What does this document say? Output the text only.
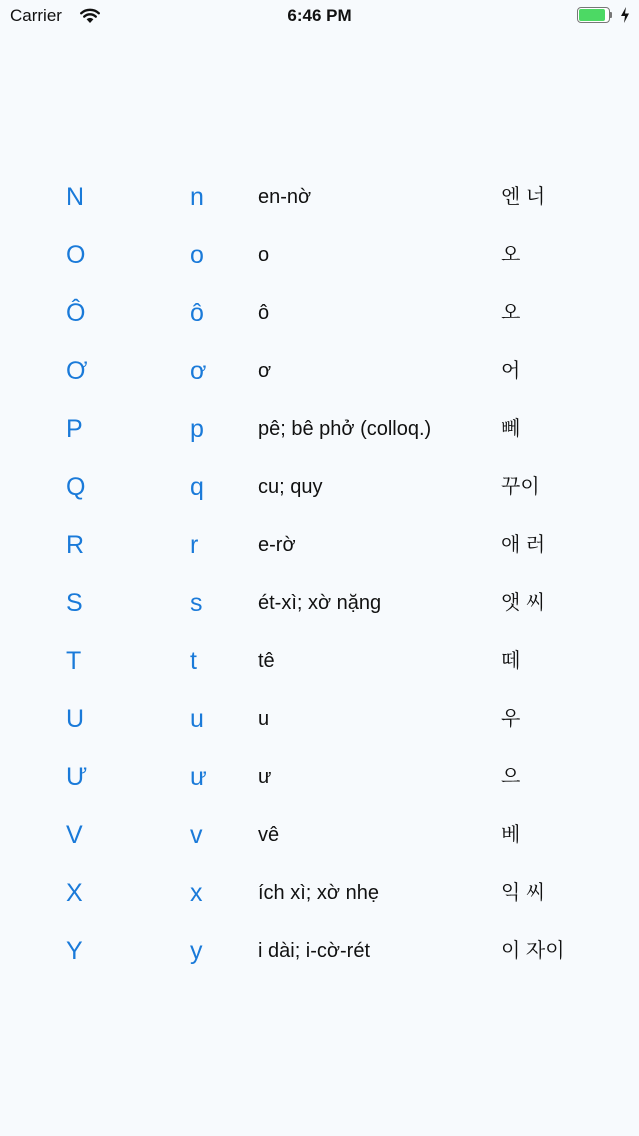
Carrier	6:46 PM
N	n	en-nờ	엔 너
O	o	o	오
Ô	ô	ô	오
Ơ	ơ	ơ	어
P	p	pê; bê phở (colloq.)	뻬
Q	q	cu; quy	꾸이
R	r	e-rờ	애 러
S	s	ét-xì; xờ nặng	앳 씨
T	t	tê	떼
U	u	u	우
Ư	ư	ư	으
V	v	vê	베
X	x	ích xì; xờ nhẹ	익 씨
Y	y	i dài; i-cờ-rét	이 자이
